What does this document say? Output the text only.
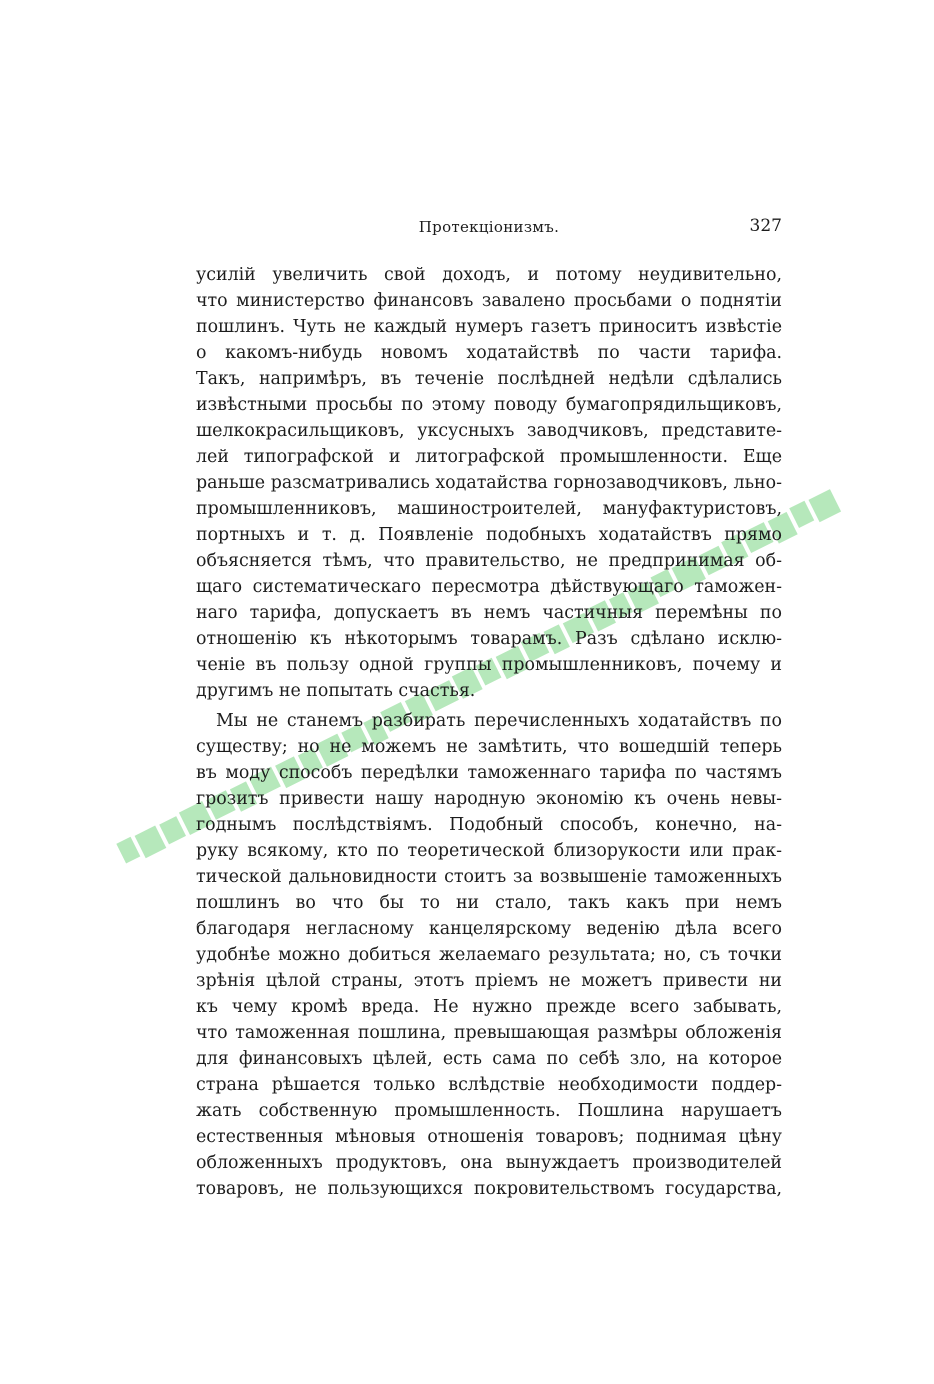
Протекціонизмъ.	327
усилій увеличить свой доходъ, и потому неудивительно,
что министерство финансовъ завалено просьбами о поднятіи
пошлинъ. Чуть не каждый нумеръ газетъ приноситъ извѣстіе
о какомъ-нибудь новомъ ходатайствѣ по части тарифа.
Такъ, напримѣръ, въ теченіе послѣдней недѣли сдѣлались
извѣстными просьбы по этому поводу бумагопрядильщиковъ,
шелкокрасильщиковъ, уксусныхъ заводчиковъ, представите-
лей типографской и литографской промышленности. Еще
раньше разсматривались ходатайства горнозаводчиковъ, льно-
промышленниковъ, машиностроителей, мануфактуристовъ,
портныхъ и т. д. Появленіе подобныхъ ходатайствъ прямо
объясняется тѣмъ, что правительство, не предпринимая об-
щаго систематическаго пересмотра дѣйствующаго таможен-
наго тарифа, допускаетъ въ немъ частичныя перемѣны по
отношенію къ нѣкоторымъ товарамъ. Разъ сдѣлано исклю-
ченіе въ пользу одной группы промышленниковъ, почему и
другимъ не попытать счастья.
Мы не станемъ разбирать перечисленныхъ ходатайствъ по
существу; но не можемъ не замѣтить, что вошедшій теперь
въ моду способъ передѣлки таможеннаго тарифа по частямъ
грозитъ привести нашу народную экономію къ очень невы-
годнымъ послѣдствіямъ. Подобный способъ, конечно, на-
руку всякому, кто по теоретической близорукости или прак-
тической дальновидности стоитъ за возвышеніе таможенныхъ
пошлинъ во что бы то ни стало, такъ какъ при немъ
благодаря негласному канцелярскому веденію дѣла всего
удобнѣе можно добиться желаемаго результата; но, съ точки
зрѣнія цѣлой страны, этотъ пріемъ не можетъ привести ни
къ чему кромѣ вреда. Не нужно прежде всего забывать,
что таможенная пошлина, превышающая размѣры обложенія
для финансовыхъ цѣлей, есть сама по себѣ зло, на которое
страна рѣшается только вслѣдствіе необходимости поддер-
жать собственную промышленность. Пошлина нарушаетъ
естественныя мѣновыя отношенія товаровъ; поднимая цѣну
обложенныхъ продуктовъ, она вынуждаетъ производителей
товаровъ, не пользующихся покровительствомъ государства,
